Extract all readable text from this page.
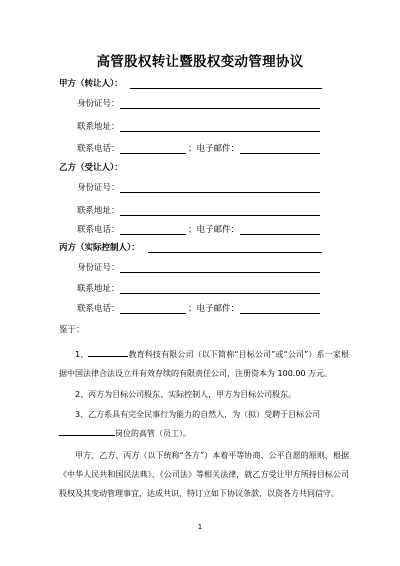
高管股权转让暨股权变动管理协议
甲方（转让人）：
身份证号：
联系地址：
联系电话：	；电子邮件：
乙方（受让人）：
身份证号：
联系地址：
联系电话：	；电子邮件：
丙方（实际控制人）：
身份证号：
联系地址：
联系电话：	；电子邮件：
鉴于：
1、	教育科技有限公司（以下简称“目标公司”或“公司”）系一家根据中国法律合法设立并有效存续的有限责任公司，注册资本为 100.00 万元。
2、丙方为目标公司股东、实际控制人，甲方为目标公司股东。
3、乙方系具有完全民事行为能力的自然人，为（拟）受聘于目标公司
岗位的高管（员工）。
甲方、乙方、丙方（以下统称“各方”）本着平等协商、公平自愿的原则，根据《中华人民共和国民法典》、《公司法》等相关法律，就乙方受让甲方所持目标公司股权及其变动管理事宜，达成共识，特订立如下协议条款，以资各方共同信守。
1
